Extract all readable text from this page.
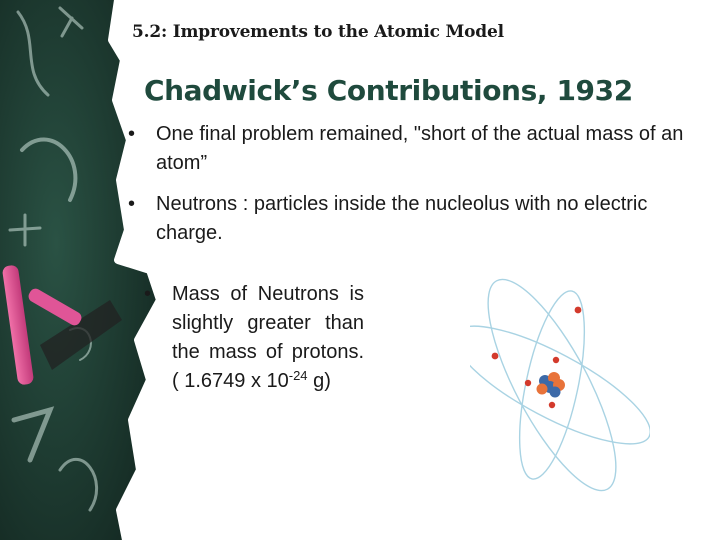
5.2: Improvements to the Atomic Model
Chadwick’s Contributions, 1932
• One final problem remained, "short of the actual mass of an atom”
• Neutrons : particles inside the nucleolus with no electric charge.
• Mass of Neutrons is slightly greater than the mass of protons. ( 1.6749 x $10^{-24}$ g)
